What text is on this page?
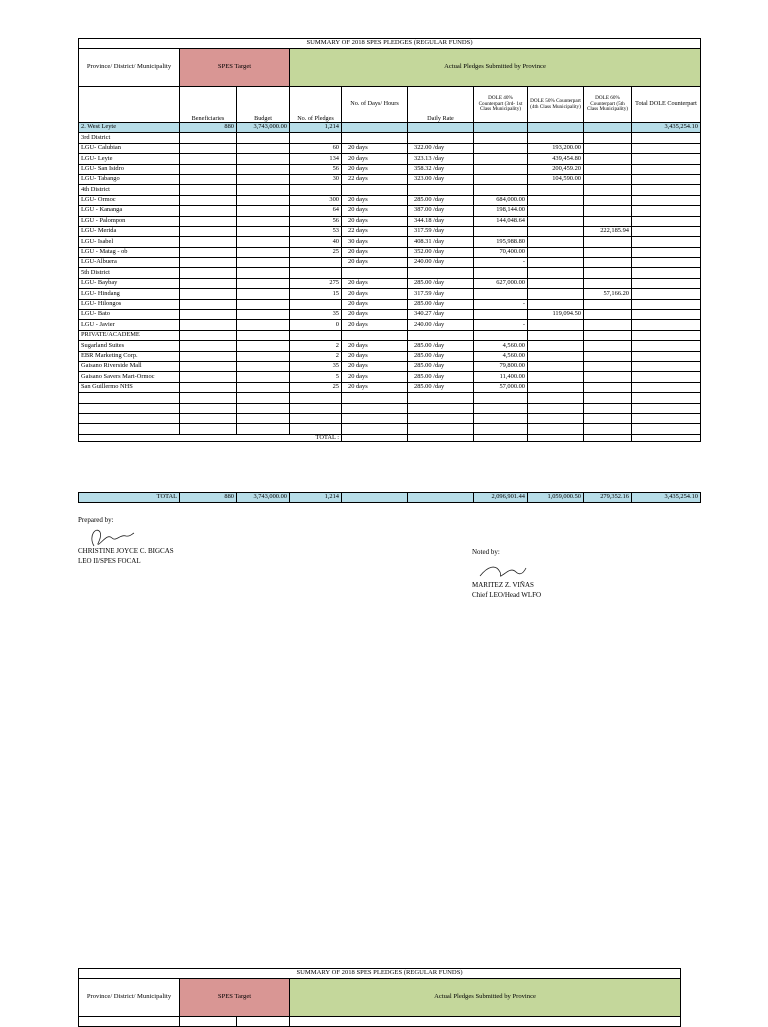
SUMMARY OF 2018 SPES PLEDGES (REGULAR FUNDS)									
Province/ District/ Municipality	SPES Target		Actual Pledges Submitted by Province						
	Beneficiaries	Budget	No. of Pledges	No. of Days/ Hours	Daily Rate	DOLE 40% Counterpart (3rd- 1st Class Municipality)	DOLE 50% Counterpart (4th Class Municipality)	DOLE 60% Counterpart (5th Class Municipality)	Total DOLE Counterpart
2. West Leyte	880	3,743,000.00	1,214						3,435,254.10
3rd District									
LGU- Calubian			60	20 days	322.00 /day		193,200.00		
LGU- Leyte			134	20 days	323.13 /day		439,454.80		
LGU- San Isidro			56	20 days	358.32 /day		200,459.20		
LGU- Tabango			30	22 days	323.00 /day		104,590.00		
4th District									
LGU- Ormoc			300	20 days	285.00 /day	684,000.00			
LGU - Kananga			64	20 days	387.00 /day	198,144.00			
LGU - Palompon			56	20 days	344.18 /day	144,048.64			
LGU- Merida			53	22 days	317.59 /day			222,185.94	
LGU- Isabel			40	30 days	408.31 /day	195,988.80			
LGU - Matag - ob			25	20 days	352.00 /day	70,400.00			
LGU-Albuera				20 days	240.00 /day	-			
5th District									
LGU- Baybay			275	20 days	285.00 /day	627,000.00			
LGU- Hindang			15	20 days	317.59 /day			57,166.20	
LGU- Hilongos				20 days	285.00 /day	-			
LGU- Bato			35	20 days	340.27 /day		119,094.50		
LGU - Javier			0	20 days	240.00 /day	-			
PRIVATE/ACADEME									
Sugarland Suites			2	20 days	285.00 /day	4,560.00			
EBR Marketing Corp.			2	20 days	285.00 /day	4,560.00			
Gaisano Riverside Mall			35	20 days	285.00 /day	79,800.00			
Gaisano Savers Mart-Ormoc			5	20 days	285.00 /day	11,400.00			
San Guillermo NHS			25	20 days	285.00 /day	57,000.00			

			TOTAL :						
TOTAL	880	3,743,000.00	1,214			2,096,901.44	1,059,000.50	279,352.16	3,435,254.10
Prepared by:
CHRISTINE JOYCE C. BIGCAS
LEO II/SPES FOCAL
Noted by:
MARITEZ Z. VIÑAS
Chief LEO/Head WLFO
SUMMARY OF 2018 SPES PLEDGES (REGULAR FUNDS)			
Province/ District/ Municipality	SPES Target		Actual Pledges Submitted by Province
